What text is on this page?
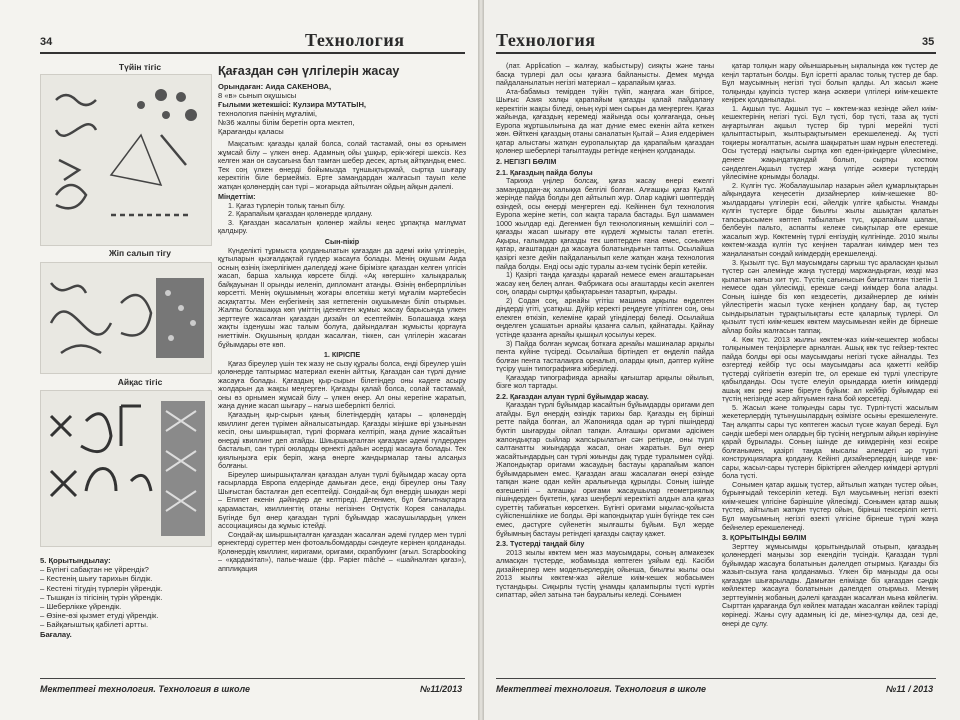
34	Технология
Түйін тігіс
Жіп салып тігу
Айқас тігіс
5. Қорытындылау:
– Бүгінгі сабақтан не үйрендік?
– Кестенің шығу тарихын білдік.
– Кестені тігудің түрлерін үйрендік.
– Тышқан із тігісінің түрін үйрендік.
– Шеберлікке үйрендік.
– Өзіне-өзі қызмет етуді үйрендік.
– Байқағыштық қабілеті артты.
Бағалау.
Қағаздан сән үлгілерін жасау
Орындаған: Аида САКЕНОВА,
8 «в» сынып оқушысы
Ғылыми жетекшісі: Кулзира МУТАТЫН,
технология пәнінің мұғалімі,
№36 жалпы білім беретін орта мектеп,
Қарағанды қаласы

Мақсатым: қағазды қалай болса, солай тастамай, оны өз орнымен жұмсай білу – үлкен өнер. Адамның ойы ұшқыр, ерік-жігері шексіз. Кез келген жан он саусағына бал тамған шебер десек, артық айтқандық емес. Тек соң үлкен өнерді бойымызда тұншықтырмай, сыртқа шығару керектігін біле бермейміз. Ерте замандардан жалғасып тауып келе жатқан қолөнердің сан түрі – жоғарыда айтылған ойдың айқын дәлелі.

Міндеттім:

1. Қағаз түрлерін толық танып білу.

2. Қарапайым қағаздан қолөнерде қолдану.

3. Қағаздан жасалатын қолөнер жайлы кеңес ұрпақтқа мағлұмат қалдыру.

Сын-пікір

Күнделікті тұрмыста қолданылатын қағаздан да әдемі киім үлгілерін, құтыларын қызғалдақтай гүлдер жасауға болады. Менің оқушым Аида осның өзінің ізкерлігімен дәлелдеді және бірімізге қағаздан келген үлгісін жасап, барша халыққа көрсете білді. «Ақ көгершін» халықаралық байқауынан ІІ орынды иеленіп, дипломант атанды. Өзінің өнберпрліліын көрсетті. Менің оқушымның жоғары өлсеткіш жетуі мұғалім мәртебесін асқақтатты. Мен еңбегімнің зая кетпегенін оқушымнан біліп отырмын. Жалпы болашаққа көп үміттің іденелген жұмыс жасау барысында үлкен зерттеуге жасалған қағаздан дизайн ол есептеймін. Болашаққа жаңа жақты ізденушы жас талым болуға, дайындалған жұмысты қорғауға ниеттімін. Оқушының қолдан жасалған, тіккен, сан үлгілерін жасаған бұйымдары өте көп.

1. КІРІСПЕ

Қағаз біреулер үшін тек жазу не сызу құралы болса, енді біреулер үшін қолөнерде таптырмас материал екенін айттық. Қағаздан сан түрлі дүние жасауға болады. Қағаздың қыр-сырын білетіндер оны кәдеге асыру жолдарын да жақсы меңгерген. Қағазды қалай болса, солай тастамай, оны өз орнымен жұмсай білу – үлкен өнер. Ал оны керегіне жаратып, жаңа дүние жасап шығару – нағыз шеберлікті белгісі.

Қағаздың қыр-сырын қанық білетіндердің қатары – қолөнердің квиллинг деген түрімен айналысатындар. Қағазды жіңішке өрі ұзынынан кесіп, оны шиыршықтап, түрлі формаға келтіріп, жаңа дүние жасайтын өнерді квиллинг деп атайды. Шиыршықталған қағаздан әдемі гүлдерден басталып, сан түрлі оюларды өрнекті дайын әсерді жасауға болады. Тек қиялыңызға ерік беріп, жаңа өнерге жандырмалар таны алсаңыз болғаны.

Біреулер шиыршықталған қағаздан алуан түрлі бұйымдар жасау орта ғасырларда Европа елдерінде дамыған десе, енді біреулер оны Таяу Шығыстан басталған деп есептейді. Сондай-ақ бұл өнердің шыққан жері – Египет екенін дәйіндер де келтіреді. Дегенмен, бұл бағытнақтарға қарамастан, квиллингтің отаны негізінен Оңтүстік Корея саналады. Бүгінде бұл өнер қағаздан түрлі бұйымдар жасаушылардың үлкен ассоциациясы да жұмыс істейді.

Сондай-ақ шиыршықталған қағаздан жасалған әдемі гүлдер мен түрлі өрнектерді суреттер мен фотоальбомдарды сәндеуге керінен қолданады. Қолөнердің квиллинг, киригами, оригами, скрапбукинг (ағыл. Scrapbooking – «қардакітап»), папье-маше (фр. Papier mâché – «шайналған қағаз»), апплиқация

Мектептегі технология. Технология в школе	№11/2013
Технология	35

(лат. Application – жалғау, жабыстыру) сияқты және таны басқа түрлері дал осы қағазға байланысты. Демек мұнда пайдаланылатын негізгі материал – қарапайым қағаз.

Ата-бабамыз темірден түйін түйіп, жаңғаға жан бітірсе, Шығыс Азия халқы қарапайым қағазды қалай пайдалану керектігін жақсы біледі, оның күрі мен сырын да меңгерген. Қағаз жайында, қағаздың керемеді жайында осы қолғағанда, оның Еуропа жұртшылығына да жат дүние емес екенін айта кеткен жөн. Өйткені қағаздың отаны саналатын Қытай – Азия елдерімен қатар алыстағы жатқан еуропалықтар да қарапайым қағаздан қолөнер шеберлері тағылтауды ретінде кеңінен қолданады.

2. НЕГІЗГІ БӨЛІМ

2.1. Қағаздың пайда болуы

Тарихқа үңілер болсақ, қағаз жасау өнері ежелгі замандардан-ақ халыққа белгілі болған. Алғашқы қағаз Қытай жерінде пайда болды деп айтылып жүр. Олар кадімгі шөптердің өзіндей, осы өнерді меңгерген еді. Кейіннен бұл технология Еуропа жеріне жетін, сол жақта тарала бастады. Бұл шамамен 1000 жылдар еді. Дегенмен бұл технологияның кемшілігі сол – қағазды жасап шығару өте күрделі жұмысты талап ететін. Ақыры, ғалымдар қағазды тек шөптерден ғана емес, сонымен қатар, ағаштардан да жасауға болатындығын тапты. Осылайша қазіргі кезге дейін пайдаланылып келе жатқан жаңа технология пайда болды. Енді осы әдіс туралы аз-кем түсінік беріп кетейік.

1) Қазіргі таңда қағазды қарағай немесе емен ағаштарынан жасау кең белең алған. Фабрикаға осы ағаштарды кесіп әкелген соң, оларды сыртқы қабықтарынан тазартып, қырады.

2) Содан соң, арнайы үгітіш машина арқылы өңделген діңдерді үгіті, ұсатқыш. Дүйір керекті реңдеуге үгітілген соң, оны елекген өткізіп, келеміне қарай ұгінділерді бөледі. Осылайша өңделген ұсашатын арнайы қазанға салып, қайнатады. Қайнау үстінде қазанға арнайы қышқыл қосылуы керек.

3) Пайда болған жұмсақ боткаға арнайы машиналар арқылы пента күйіне түсіреді. Осылайша біртіндеп ет өңделіп пайда болған пента тасталаирга орналып, оларды қиып, дәптер күйіне түсіру үшін типографияға жіберіледі.

Қағаздар типографияда арнайы қағыштар арқылы ойылып, бізге жол тартады.

2.2. Қағаздан алуан түрлі бұйымдар жасау.

Қағаздан түрлі бұйымдар жасайтын бұйымдарды оригами деп атайды. Бұл өнердің өзіндік тарихы бар. Қағазды ең бірінші ретте пайда болған, ал Жапонияда одан әр түрлі пішіндерді бүктіп шығаруды ойлап тапқан. Алғашқы оригами әдісімен жапондықтар сыйлар жапсырылатын сән ретінде, оны түрлі салтанатты жиындарда жасап, онан жаратын. Бұл өнер жасайтындардың сан түрлі жиынды дақ түрде туралымен сүйді. Жапондықтар оригами жасаудың бастауы қарапайым жапон бұйымдарымен емес. Қағаздан ағаш жасалаған өнері өзінде тапқан және одан кейін аралығында құрылды. Соның ішінде өзгешелігі – алғашқы оригами жасаушылар геометриялық пішіндерден бүктетін, қағаз шеңберлі керектікті алдын ала қағаз суреттің табиғатын көрсеткен. Бүгінгі оригами ықылас-қойыста сүйіспеншілікке ие болды. Әрі жапондықтар үшін бүгінде тек сән емес, дәстүрге сүйенетін жылғашты бұйым. Бұл жерде бұйымның бастауы ретіндегі қағазды сақтау қажет.

2.3. Түстерді таңдай білу

2013 жылы көктем мен жаз маусымдары, соның алмакезек алмасқан түстерде, жобамызда көптеген ұяйым еді. Кәсіби дизайнерлер мен модельерлердің ойынша, биылғы жылы осы 2013 жылғы көктем-жаз әйелше киім-кешек жобасымен түстандыры. Сиқырлы түстің ұнамды қалампырлы түсті күртін сипаттар, әйел затына тән бауралығы келеді. Сонымен

қатар толқын жару ойыншарының ықпалында көк түстер де кеңіл тартатын болды. Бұл ісретті аралас толық түстер де бар. Бұл маусымның негізгі түсі болып қалды. Ал жасыл және толқынды қауіпсіз түстер жаңа әсквери үлгілері киім-кешекте кеңірек қолданылады.

1. Ақшыл түс. Ақшыл түс – көктем-жаз кезінде әйел киім-кешектерінің негізгі түсі. Бұл түсті, бор түсті, таза ақ түсті аңғартылған ақшыл түстер бір түрлі мерейлі түсті қалыптастырып, жылтырақтығымен ерекшеленеді. Ақ түсті тоқиеры жоғалтатын, асылға шақыратын шам нұрын елестетеді. Осы түстерді нақтылы сыртқа көп еден-іркіндерге үйлесіміне, денеге жақындатқандай болып, сыртқы костюм сәнделген.Ақшыл түстер жаңа үлгіде әсквери түстердің үйлесіміне қонымды болады.

2. Күлгін түс. Жобалаушылар назарын әйел құмарлықтарын айқындауға кеңесетін дизайнерлер киім-кешекке 80-жылдардағы үлгілерін ескі, әйелдік үлгіге қабысты. Ұнамды күлгін түстерге бірде биылғы жылы ашықтан қалатын тапсырысымен көптеп табылатын түс, қарапайым шапан, белбеуін пальто, аспапты келеке сиықтылар өте ерекше жасалып жүр. Көктемнің түрлі енгізудің күлгінінде. 2010 жылы көктем-жазда күлгін түс кеңінен таралған киімдер мен тез жаңаланатын сондай киімдердің ерекшеленді.

3. Қызылт түс. Бұл маусымдағы сарғыш түс араласқан қызыл түстер сән әлемінде жаңа түстерді маржандырған, көзді мәз қылатын нағыз хит тус. Түстің сағынысын бағытталған тізетін 1 немесе одан үйлесімді, ерекше сәнді киімдер бола алады. Соның ішінде біз көп кездесетін, дизайнерлер де киімін үйлестіретін жасыл түске кеңінен қолдану бар, ақ түстер сындырылатын тұрақтылықтағы есте қаларлық түрлері. Ол қызылт түсті киім-кешек көктем маусымынан кейін де бірнеше айлар бойы жалғасын таппақ.

4. Көк түс. 2013 жылғы көктем-жаз киім-кешектер жобасы толқынымен теңізірлерге арналған. Ашық көк түс гейзер-тектес пайда болды өрі осы маусымдағы негізгі түске айналды. Тез өзгертеді кейбір түс осы маусымдағы аса қажетті кейбір түстерді сүйгізетін өзгеріп tre, ол ерекше екі түрлі үлестіруге қабылданды. Осы түсте елеуіл орындарда киетін киімдерді ашық көк реңі және біреуге бұйым: ал кейбір бұйымдар екі түстің негізінде әсер айтуымен ғана бой көрсетеді.

5. Жасыл және толқынды сары түс. Түрлі-түсті жасылым жекетерлердің тұтынушылардың өзімізге осыны ерекшеленуге. Таң алқапты сары түс көптеген жасыл түске жауап береді. Бұл сәндік шебері мен олардың бір түсінің неғұрлым айқын көрінуіне қарай бұрылады. Соның ішінде де киімдерінің көзі ескіре болғанымен, қазіргі таңда мысалы әлемдегі әр түрлі конструкцияларға қолдану. Кейінгі дизайнерлердің ішінде көк-сары, жасыл-сары түстерін біріктірген әйелдер киімдері әртүрлі бола түсті.

Сонымен қатар ақшық түстер, айтылып жатқан түстер ойын, бұрынғыдай тексеріліп кетеді. Бұл маусымның негізгі өзекті киім-кешек үлгісіне бәріншіле үйлесімді. Сонымен қатар ашық түстер, айтылып жатқан түстер ойын, бірінші тексеріліп кетті. Бұл маусымның негізгі өзекті үлгісіне бірнеше түрлі жаңа бейнелер ерекшеленеді.

3. ҚОРЫТЫНДЫ БӨЛІМ

Зерттеу жұмысымды қорытындылай отырып, қағаздың қолөнердегі маңызы зор екендігін түсіндік. Қағаздан түрлі бұйымдар жасауға болатынын дәлелдеп отырмыз. Қағазды біз жазып-сызуға ғана қолданамыз. Үлкен бір маңызды да осы қағаздан шығарылады. Дамыған елімізде біз қағаздан сәндік көйлектер жасауға болатынын дәлелдеп отырмыз. Мениң зерттеуімнің жобаның дәлелі қағаздан жасалған мына көйлегім. Сырттан қарағанда бұл көйлек матадан жасалған көйлек тәрізді көрінеді. Жаны сүгу адамның ісі де, мінез-құлқы да, сезі де, өнері де сұлу.

Мектептегі технология. Технология в школе	№11 / 2013
